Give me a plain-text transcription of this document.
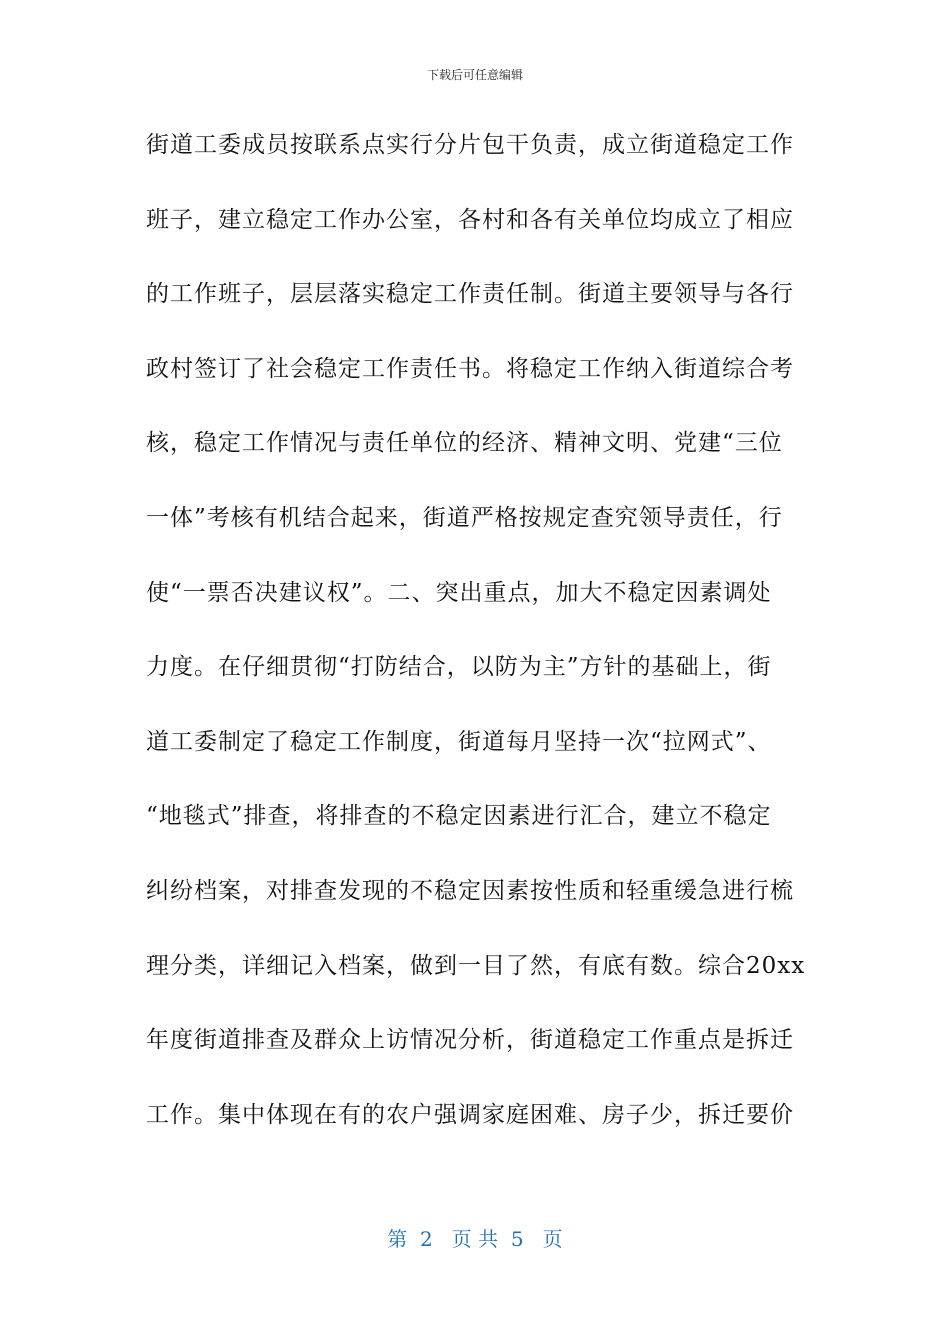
下载后可任意编辑
街道工委成员按联系点实行分片包干负责，成立街道稳定工作
班子，建立稳定工作办公室，各村和各有关单位均成立了相应
的工作班子，层层落实稳定工作责任制。街道主要领导与各行
政村签订了社会稳定工作责任书。将稳定工作纳入街道综合考
核，稳定工作情况与责任单位的经济、精神文明、党建“三位
一体”考核有机结合起来，街道严格按规定查究领导责任，行
使“一票否决建议权”。二、突出重点，加大不稳定因素调处
力度。在仔细贯彻“打防结合，以防为主”方针的基础上，街
道工委制定了稳定工作制度，街道每月坚持一次“拉网式”、
“地毯式”排查，将排查的不稳定因素进行汇合，建立不稳定
纠纷档案，对排查发现的不稳定因素按性质和轻重缓急进行梳
理分类，详细记入档案，做到一目了然，有底有数。综合20xx
年度街道排查及群众上访情况分析，街道稳定工作重点是拆迁
工作。集中体现在有的农户强调家庭困难、房子少，拆迁要价
第  2   页 共  5   页
